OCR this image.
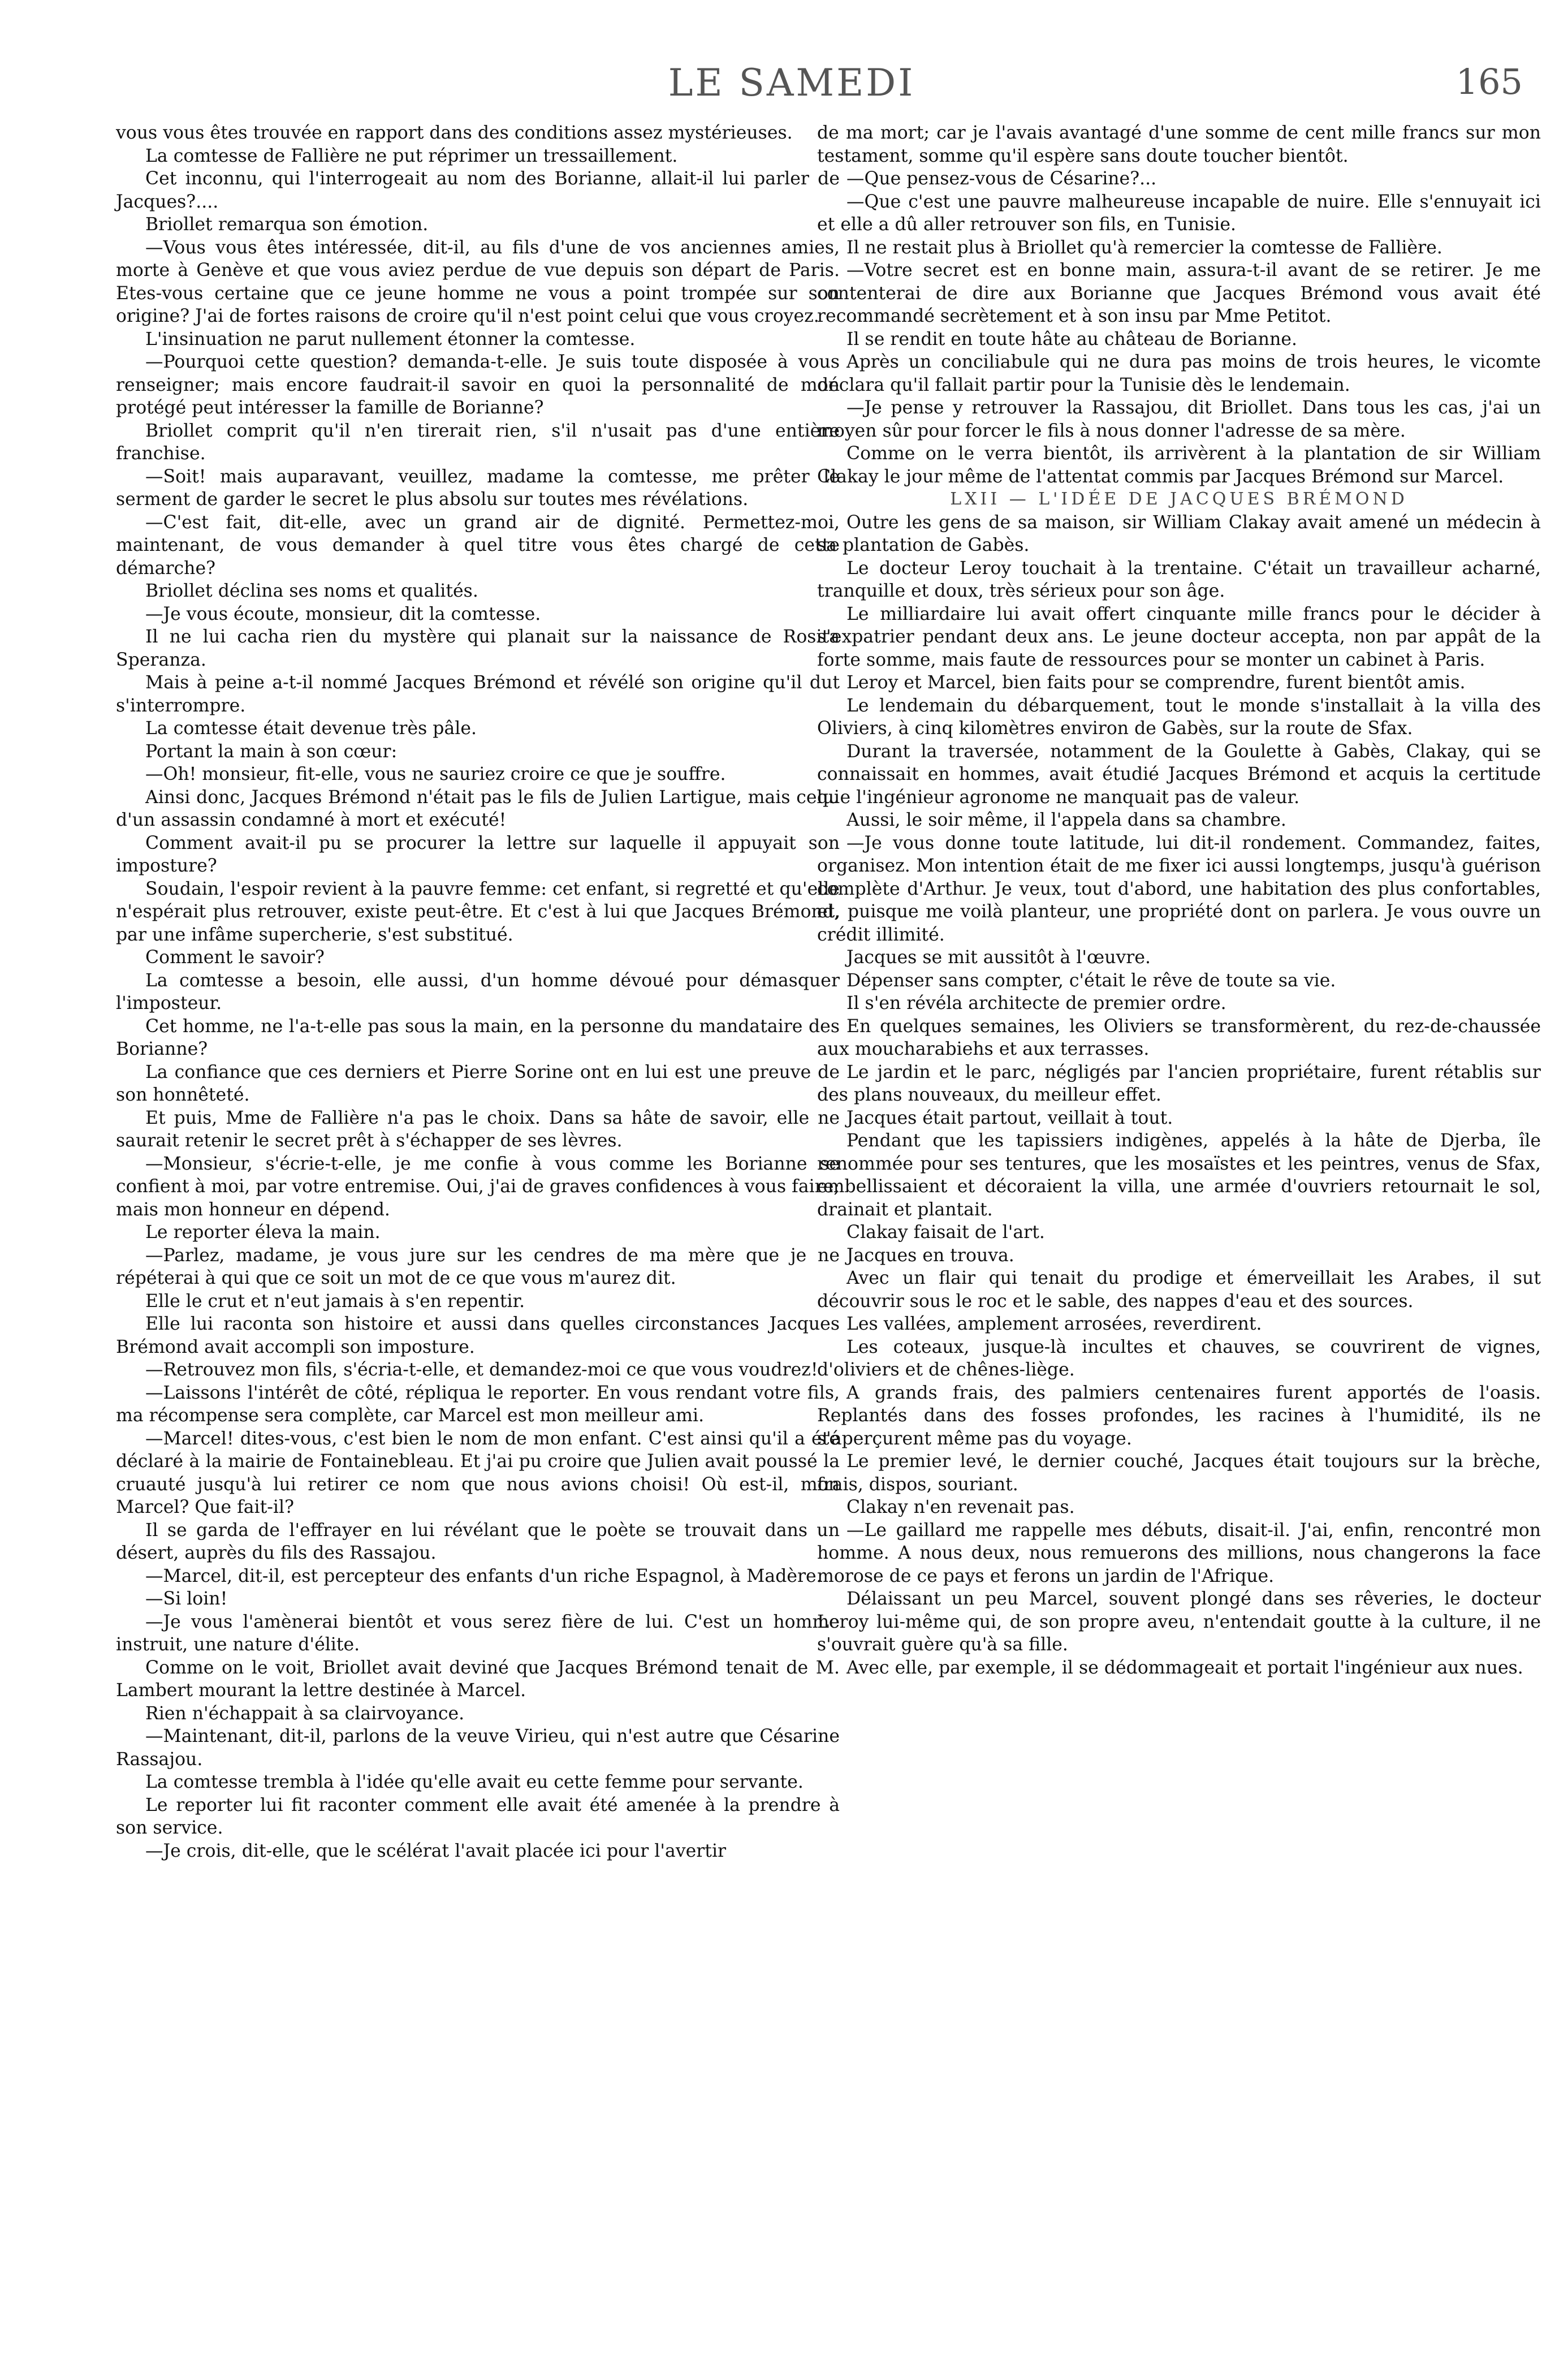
LE SAMEDI	165

vous vous êtes trouvée en rapport dans des conditions assez mystérieuses.

La comtesse de Fallière ne put réprimer un tressaillement.

Cet inconnu, qui l'interrogeait au nom des Borianne, allait-il lui parler de Jacques?....

Briollet remarqua son émotion.

—Vous vous êtes intéressée, dit-il, au fils d'une de vos anciennes amies, morte à Genève et que vous aviez perdue de vue depuis son départ de Paris. Etes-vous certaine que ce jeune homme ne vous a point trompée sur son origine? J'ai de fortes raisons de croire qu'il n'est point celui que vous croyez.

L'insinuation ne parut nullement étonner la comtesse.

—Pourquoi cette question? demanda-t-elle. Je suis toute disposée à vous renseigner; mais encore faudrait-il savoir en quoi la personnalité de mon protégé peut intéresser la famille de Borianne?

Briollet comprit qu'il n'en tirerait rien, s'il n'usait pas d'une entière franchise.

—Soit! mais auparavant, veuillez, madame la comtesse, me prêter le serment de garder le secret le plus absolu sur toutes mes révélations.

—C'est fait, dit-elle, avec un grand air de dignité. Permettez-moi, maintenant, de vous demander à quel titre vous êtes chargé de cette démarche?

Briollet déclina ses noms et qualités.

—Je vous écoute, monsieur, dit la comtesse.

Il ne lui cacha rien du mystère qui planait sur la naissance de Rosita Speranza.

Mais à peine a-t-il nommé Jacques Brémond et révélé son origine qu'il dut s'interrompre.

La comtesse était devenue très pâle.

Portant la main à son cœur:

—Oh! monsieur, fit-elle, vous ne sauriez croire ce que je souffre.

Ainsi donc, Jacques Brémond n'était pas le fils de Julien Lartigue, mais celui d'un assassin condamné à mort et exécuté!

Comment avait-il pu se procurer la lettre sur laquelle il appuyait son imposture?

Soudain, l'espoir revient à la pauvre femme: cet enfant, si regretté et qu'elle n'espérait plus retrouver, existe peut-être. Et c'est à lui que Jacques Brémond, par une infâme supercherie, s'est substitué.

Comment le savoir?

La comtesse a besoin, elle aussi, d'un homme dévoué pour démasquer l'imposteur.

Cet homme, ne l'a-t-elle pas sous la main, en la personne du mandataire des Borianne?

La confiance que ces derniers et Pierre Sorine ont en lui est une preuve de son honnêteté.

Et puis, Mme de Fallière n'a pas le choix. Dans sa hâte de savoir, elle ne saurait retenir le secret prêt à s'échapper de ses lèvres.

—Monsieur, s'écrie-t-elle, je me confie à vous comme les Borianne se confient à moi, par votre entremise. Oui, j'ai de graves confidences à vous faire; mais mon honneur en dépend.

Le reporter éleva la main.

—Parlez, madame, je vous jure sur les cendres de ma mère que je ne répéterai à qui que ce soit un mot de ce que vous m'aurez dit.

Elle le crut et n'eut jamais à s'en repentir.

Elle lui raconta son histoire et aussi dans quelles circonstances Jacques Brémond avait accompli son imposture.

—Retrouvez mon fils, s'écria-t-elle, et demandez-moi ce que vous voudrez!

—Laissons l'intérêt de côté, répliqua le reporter. En vous rendant votre fils, ma récompense sera complète, car Marcel est mon meilleur ami.

—Marcel! dites-vous, c'est bien le nom de mon enfant. C'est ainsi qu'il a été déclaré à la mairie de Fontainebleau. Et j'ai pu croire que Julien avait poussé la cruauté jusqu'à lui retirer ce nom que nous avions choisi! Où est-il, mon Marcel? Que fait-il?

Il se garda de l'effrayer en lui révélant que le poète se trouvait dans un désert, auprès du fils des Rassajou.

—Marcel, dit-il, est percepteur des enfants d'un riche Espagnol, à Madère.

—Si loin!

—Je vous l'amènerai bientôt et vous serez fière de lui. C'est un homme instruit, une nature d'élite.

Comme on le voit, Briollet avait deviné que Jacques Brémond tenait de M. Lambert mourant la lettre destinée à Marcel.

Rien n'échappait à sa clairvoyance.

—Maintenant, dit-il, parlons de la veuve Virieu, qui n'est autre que Césarine Rassajou.

La comtesse trembla à l'idée qu'elle avait eu cette femme pour servante.

Le reporter lui fit raconter comment elle avait été amenée à la prendre à son service.

—Je crois, dit-elle, que le scélérat l'avait placée ici pour l'avertir

de ma mort; car je l'avais avantagé d'une somme de cent mille francs sur mon testament, somme qu'il espère sans doute toucher bientôt.

—Que pensez-vous de Césarine?...

—Que c'est une pauvre malheureuse incapable de nuire. Elle s'ennuyait ici et elle a dû aller retrouver son fils, en Tunisie.

Il ne restait plus à Briollet qu'à remercier la comtesse de Fallière.

—Votre secret est en bonne main, assura-t-il avant de se retirer. Je me contenterai de dire aux Borianne que Jacques Brémond vous avait été recommandé secrètement et à son insu par Mme Petitot.

Il se rendit en toute hâte au château de Borianne.

Après un conciliabule qui ne dura pas moins de trois heures, le vicomte déclara qu'il fallait partir pour la Tunisie dès le lendemain.

—Je pense y retrouver la Rassajou, dit Briollet. Dans tous les cas, j'ai un moyen sûr pour forcer le fils à nous donner l'adresse de sa mère.

Comme on le verra bientôt, ils arrivèrent à la plantation de sir William Clakay le jour même de l'attentat commis par Jacques Brémond sur Marcel.

LXII — L'IDÉE DE JACQUES BRÉMOND

Outre les gens de sa maison, sir William Clakay avait amené un médecin à sa plantation de Gabès.

Le docteur Leroy touchait à la trentaine. C'était un travailleur acharné, tranquille et doux, très sérieux pour son âge.

Le milliardaire lui avait offert cinquante mille francs pour le décider à s'expatrier pendant deux ans. Le jeune docteur accepta, non par appât de la forte somme, mais faute de ressources pour se monter un cabinet à Paris.

Leroy et Marcel, bien faits pour se comprendre, furent bientôt amis.

Le lendemain du débarquement, tout le monde s'installait à la villa des Oliviers, à cinq kilomètres environ de Gabès, sur la route de Sfax.

Durant la traversée, notamment de la Goulette à Gabès, Clakay, qui se connaissait en hommes, avait étudié Jacques Brémond et acquis la certitude que l'ingénieur agronome ne manquait pas de valeur.

Aussi, le soir même, il l'appela dans sa chambre.

—Je vous donne toute latitude, lui dit-il rondement. Commandez, faites, organisez. Mon intention était de me fixer ici aussi longtemps, jusqu'à guérison complète d'Arthur. Je veux, tout d'abord, une habitation des plus confortables, et, puisque me voilà planteur, une propriété dont on parlera. Je vous ouvre un crédit illimité.

Jacques se mit aussitôt à l'œuvre.

Dépenser sans compter, c'était le rêve de toute sa vie.

Il s'en révéla architecte de premier ordre.

En quelques semaines, les Oliviers se transformèrent, du rez-de-chaussée aux moucharabiehs et aux terrasses.

Le jardin et le parc, négligés par l'ancien propriétaire, furent rétablis sur des plans nouveaux, du meilleur effet.

Jacques était partout, veillait à tout.

Pendant que les tapissiers indigènes, appelés à la hâte de Djerba, île renommée pour ses tentures, que les mosaïstes et les peintres, venus de Sfax, embellissaient et décoraient la villa, une armée d'ouvriers retournait le sol, drainait et plantait.

Clakay faisait de l'art.

Jacques en trouva.

Avec un flair qui tenait du prodige et émerveillait les Arabes, il sut découvrir sous le roc et le sable, des nappes d'eau et des sources.

Les vallées, amplement arrosées, reverdirent.

Les coteaux, jusque-là incultes et chauves, se couvrirent de vignes, d'oliviers et de chênes-liège.

A grands frais, des palmiers centenaires furent apportés de l'oasis. Replantés dans des fosses profondes, les racines à l'humidité, ils ne s'aperçurent même pas du voyage.

Le premier levé, le dernier couché, Jacques était toujours sur la brèche, frais, dispos, souriant.

Clakay n'en revenait pas.

—Le gaillard me rappelle mes débuts, disait-il. J'ai, enfin, rencontré mon homme. A nous deux, nous remuerons des millions, nous changerons la face morose de ce pays et ferons un jardin de l'Afrique.

Délaissant un peu Marcel, souvent plongé dans ses rêveries, le docteur Leroy lui-même qui, de son propre aveu, n'entendait goutte à la culture, il ne s'ouvrait guère qu'à sa fille.

Avec elle, par exemple, il se dédommageait et portait l'ingénieur aux nues.
